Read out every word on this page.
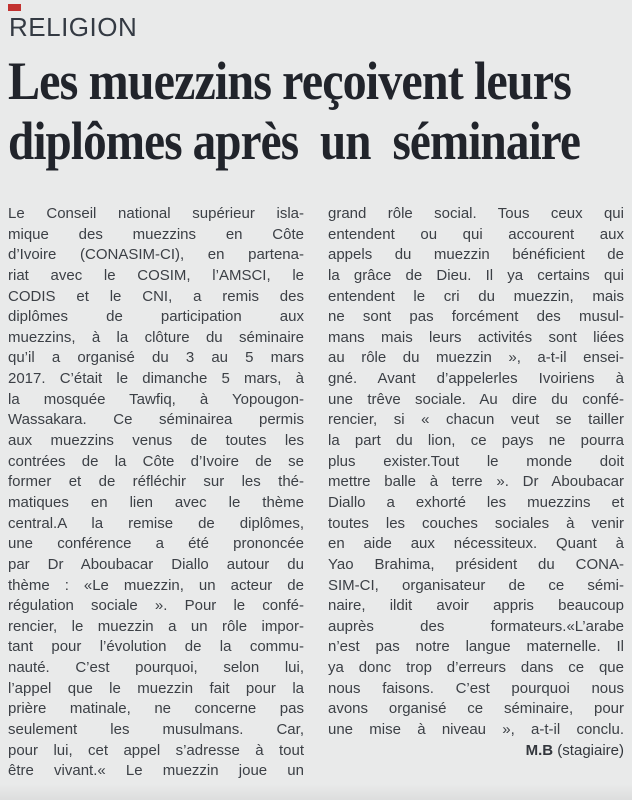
RELIGION
Les muezzins reçoivent leurs
diplômes après  un  séminaire
Le Conseil national supérieur isla-
mique des muezzins en Côte
d’Ivoire (CONASIM-CI), en partena-
riat avec le COSIM, l’AMSCI, le
CODIS et le CNI, a remis des
diplômes de participation aux
muezzins, à la clôture du séminaire
qu’il a organisé du 3 au 5 mars
2017. C’était le dimanche 5 mars, à
la mosquée Tawfiq, à Yopougon-
Wassakara. Ce séminairea permis
aux muezzins venus de toutes les
contrées de la Côte d’Ivoire de se
former et de réfléchir sur les thé-
matiques en lien avec le thème
central.A la remise de diplômes,
une conférence a été prononcée
par Dr Aboubacar Diallo autour du
thème : «Le muezzin, un acteur de
régulation sociale ». Pour le confé-
rencier, le muezzin a un rôle impor-
tant pour l’évolution de la commu-
nauté. C’est pourquoi, selon lui,
l’appel que le muezzin fait pour la
prière matinale, ne concerne pas
seulement les musulmans. Car,
pour lui, cet appel s’adresse à tout
être vivant.« Le muezzin joue un
grand rôle social. Tous ceux qui
entendent ou qui accourent aux
appels du muezzin bénéficient de
la grâce de Dieu. Il ya certains qui
entendent le cri du muezzin, mais
ne sont pas forcément des musul-
mans mais leurs activités sont liées
au rôle du muezzin », a-t-il ensei-
gné. Avant d’appelerles Ivoiriens à
une trêve sociale. Au dire du confé-
rencier, si « chacun veut se tailler
la part du lion, ce pays ne pourra
plus exister.Tout le monde doit
mettre balle à terre ». Dr Aboubacar
Diallo a exhorté les muezzins et
toutes les couches sociales à venir
en aide aux nécessiteux. Quant à
Yao Brahima, président du CONA-
SIM-CI, organisateur de ce sémi-
naire, ildit avoir appris beaucoup
auprès des formateurs.«L’arabe
n’est pas notre langue maternelle. Il
ya donc trop d’erreurs dans ce que
nous faisons. C’est pourquoi nous
avons organisé ce séminaire, pour
une mise à niveau », a-t-il conclu.
M.B (stagiaire)
